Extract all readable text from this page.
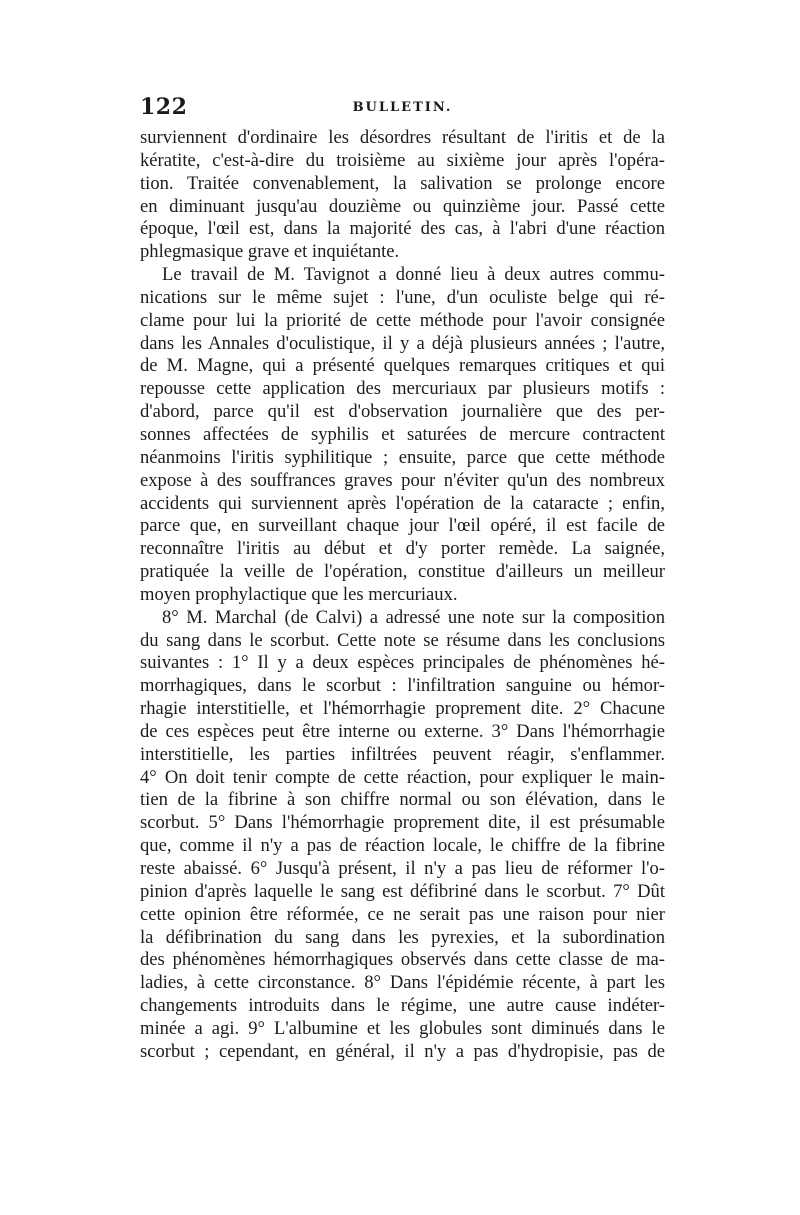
122	BULLETIN.
surviennent d'ordinaire les désordres résultant de l'iritis et de la
kératite, c'est-à-dire du troisième au sixième jour après l'opéra-
tion. Traitée convenablement, la salivation se prolonge encore
en diminuant jusqu'au douzième ou quinzième jour. Passé cette
époque, l'œil est, dans la majorité des cas, à l'abri d'une réaction
phlegmasique grave et inquiétante.
Le travail de M. Tavignot a donné lieu à deux autres commu-
nications sur le même sujet : l'une, d'un oculiste belge qui ré-
clame pour lui la priorité de cette méthode pour l'avoir consignée
dans les Annales d'oculistique, il y a déjà plusieurs années ; l'autre,
de M. Magne, qui a présenté quelques remarques critiques et qui
repousse cette application des mercuriaux par plusieurs motifs :
d'abord, parce qu'il est d'observation journalière que des per-
sonnes affectées de syphilis et saturées de mercure contractent
néanmoins l'iritis syphilitique ; ensuite, parce que cette méthode
expose à des souffrances graves pour n'éviter qu'un des nombreux
accidents qui surviennent après l'opération de la cataracte ; enfin,
parce que, en surveillant chaque jour l'œil opéré, il est facile de
reconnaître l'iritis au début et d'y porter remède. La saignée,
pratiquée la veille de l'opération, constitue d'ailleurs un meilleur
moyen prophylactique que les mercuriaux.
8° M. Marchal (de Calvi) a adressé une note sur la composition
du sang dans le scorbut. Cette note se résume dans les conclusions
suivantes : 1° Il y a deux espèces principales de phénomènes hé-
morrhagiques, dans le scorbut : l'infiltration sanguine ou hémor-
rhagie interstitielle, et l'hémorrhagie proprement dite. 2° Chacune
de ces espèces peut être interne ou externe. 3° Dans l'hémorrhagie
interstitielle, les parties infiltrées peuvent réagir, s'enflammer.
4° On doit tenir compte de cette réaction, pour expliquer le main-
tien de la fibrine à son chiffre normal ou son élévation, dans le
scorbut. 5° Dans l'hémorrhagie proprement dite, il est présumable
que, comme il n'y a pas de réaction locale, le chiffre de la fibrine
reste abaissé. 6° Jusqu'à présent, il n'y a pas lieu de réformer l'o-
pinion d'après laquelle le sang est défibriné dans le scorbut. 7° Dût
cette opinion être réformée, ce ne serait pas une raison pour nier
la défibrination du sang dans les pyrexies, et la subordination
des phénomènes hémorrhagiques observés dans cette classe de ma-
ladies, à cette circonstance. 8° Dans l'épidémie récente, à part les
changements introduits dans le régime, une autre cause indéter-
minée a agi. 9° L'albumine et les globules sont diminués dans le
scorbut ; cependant, en général, il n'y a pas d'hydropisie, pas de
